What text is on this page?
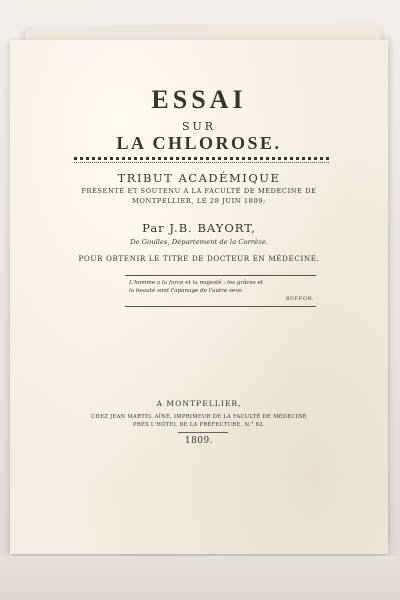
ESSAI
SUR
LA CHLOROSE.
TRIBUT ACADÉMIQUE
PRÉSENTÉ ET SOUTENU A LA FACULTÉ DE MÉDECINE DE
MONTPELLIER, LE 28 JUIN 1809;
Par J.B. BAYORT,
De Goulles, Département de la Corrèze.
POUR OBTENIR LE TITRE DE DOCTEUR EN MÉDECINE.
L'homme a la force et la majesté ; les grâces et
la beauté sont l'apanage de l'autre sexe.
BUFFON.
A MONTPELLIER,
CHEZ JEAN MARTEL AÎNÉ, IMPRIMEUR DE LA FACULTÉ DE MÉDECINE
PRÈS L'HÔTEL DE LA PRÉFECTURE, N.° 62.
1809.
